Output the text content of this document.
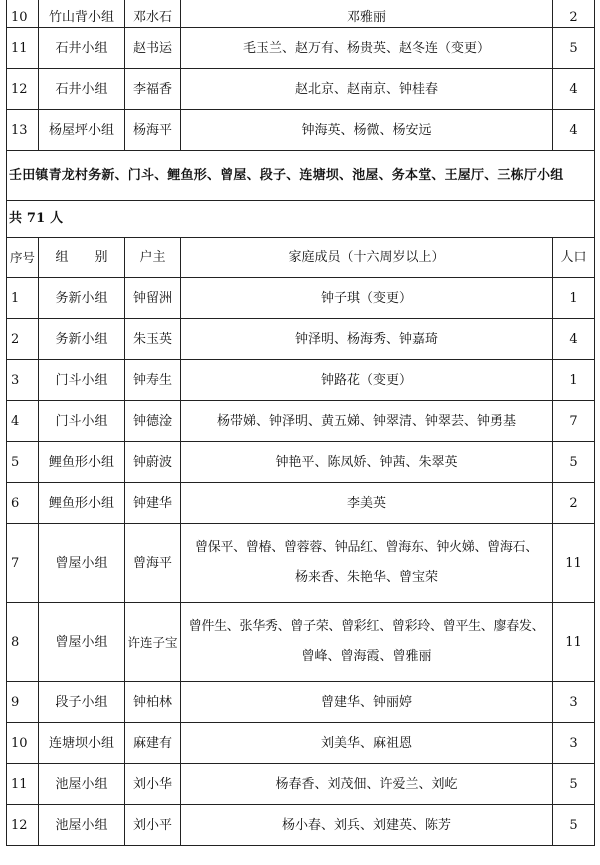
10	竹山背小组	邓水石	邓雅丽	2
11	石井小组	赵书运	毛玉兰、赵万有、杨贵英、赵冬连（变更）	5
12	石井小组	李福香	赵北京、赵南京、钟桂春	4
13	杨屋坪小组	杨海平	钟海英、杨微、杨安远	4
壬田镇青龙村务新、门斗、鲤鱼形、曾屋、段子、连塘坝、池屋、务本堂、王屋厅、三栋厅小组				
共 71 人				
序号	组　　别	户主	家庭成员（十六周岁以上）	人口
1	务新小组	钟留洲	钟子琪（变更）	1
2	务新小组	朱玉英	钟泽明、杨海秀、钟嘉琦	4
3	门斗小组	钟寿生	钟路花（变更）	1
4	门斗小组	钟德淦	杨带娣、钟泽明、黄五娣、钟翠清、钟翠芸、钟勇基	7
5	鲤鱼形小组	钟蔚波	钟艳平、陈凤娇、钟茜、朱翠英	5
6	鲤鱼形小组	钟建华	李美英	2
7	曾屋小组	曾海平	曾保平、曾椿、曾蓉蓉、钟品红、曾海东、钟火娣、曾海石、
杨来香、朱艳华、曾宝荣	11
8	曾屋小组	许连子宝	曾件生、张华秀、曾子荣、曾彩红、曾彩玲、曾平生、廖春发、
曾峰、曾海霞、曾雅丽	11
9	段子小组	钟柏林	曾建华、钟丽婷	3
10	连塘坝小组	麻建有	刘美华、麻祖恩	3
11	池屋小组	刘小华	杨春香、刘茂佃、许爱兰、刘屹	5
12	池屋小组	刘小平	杨小春、刘兵、刘建英、陈芳	5
